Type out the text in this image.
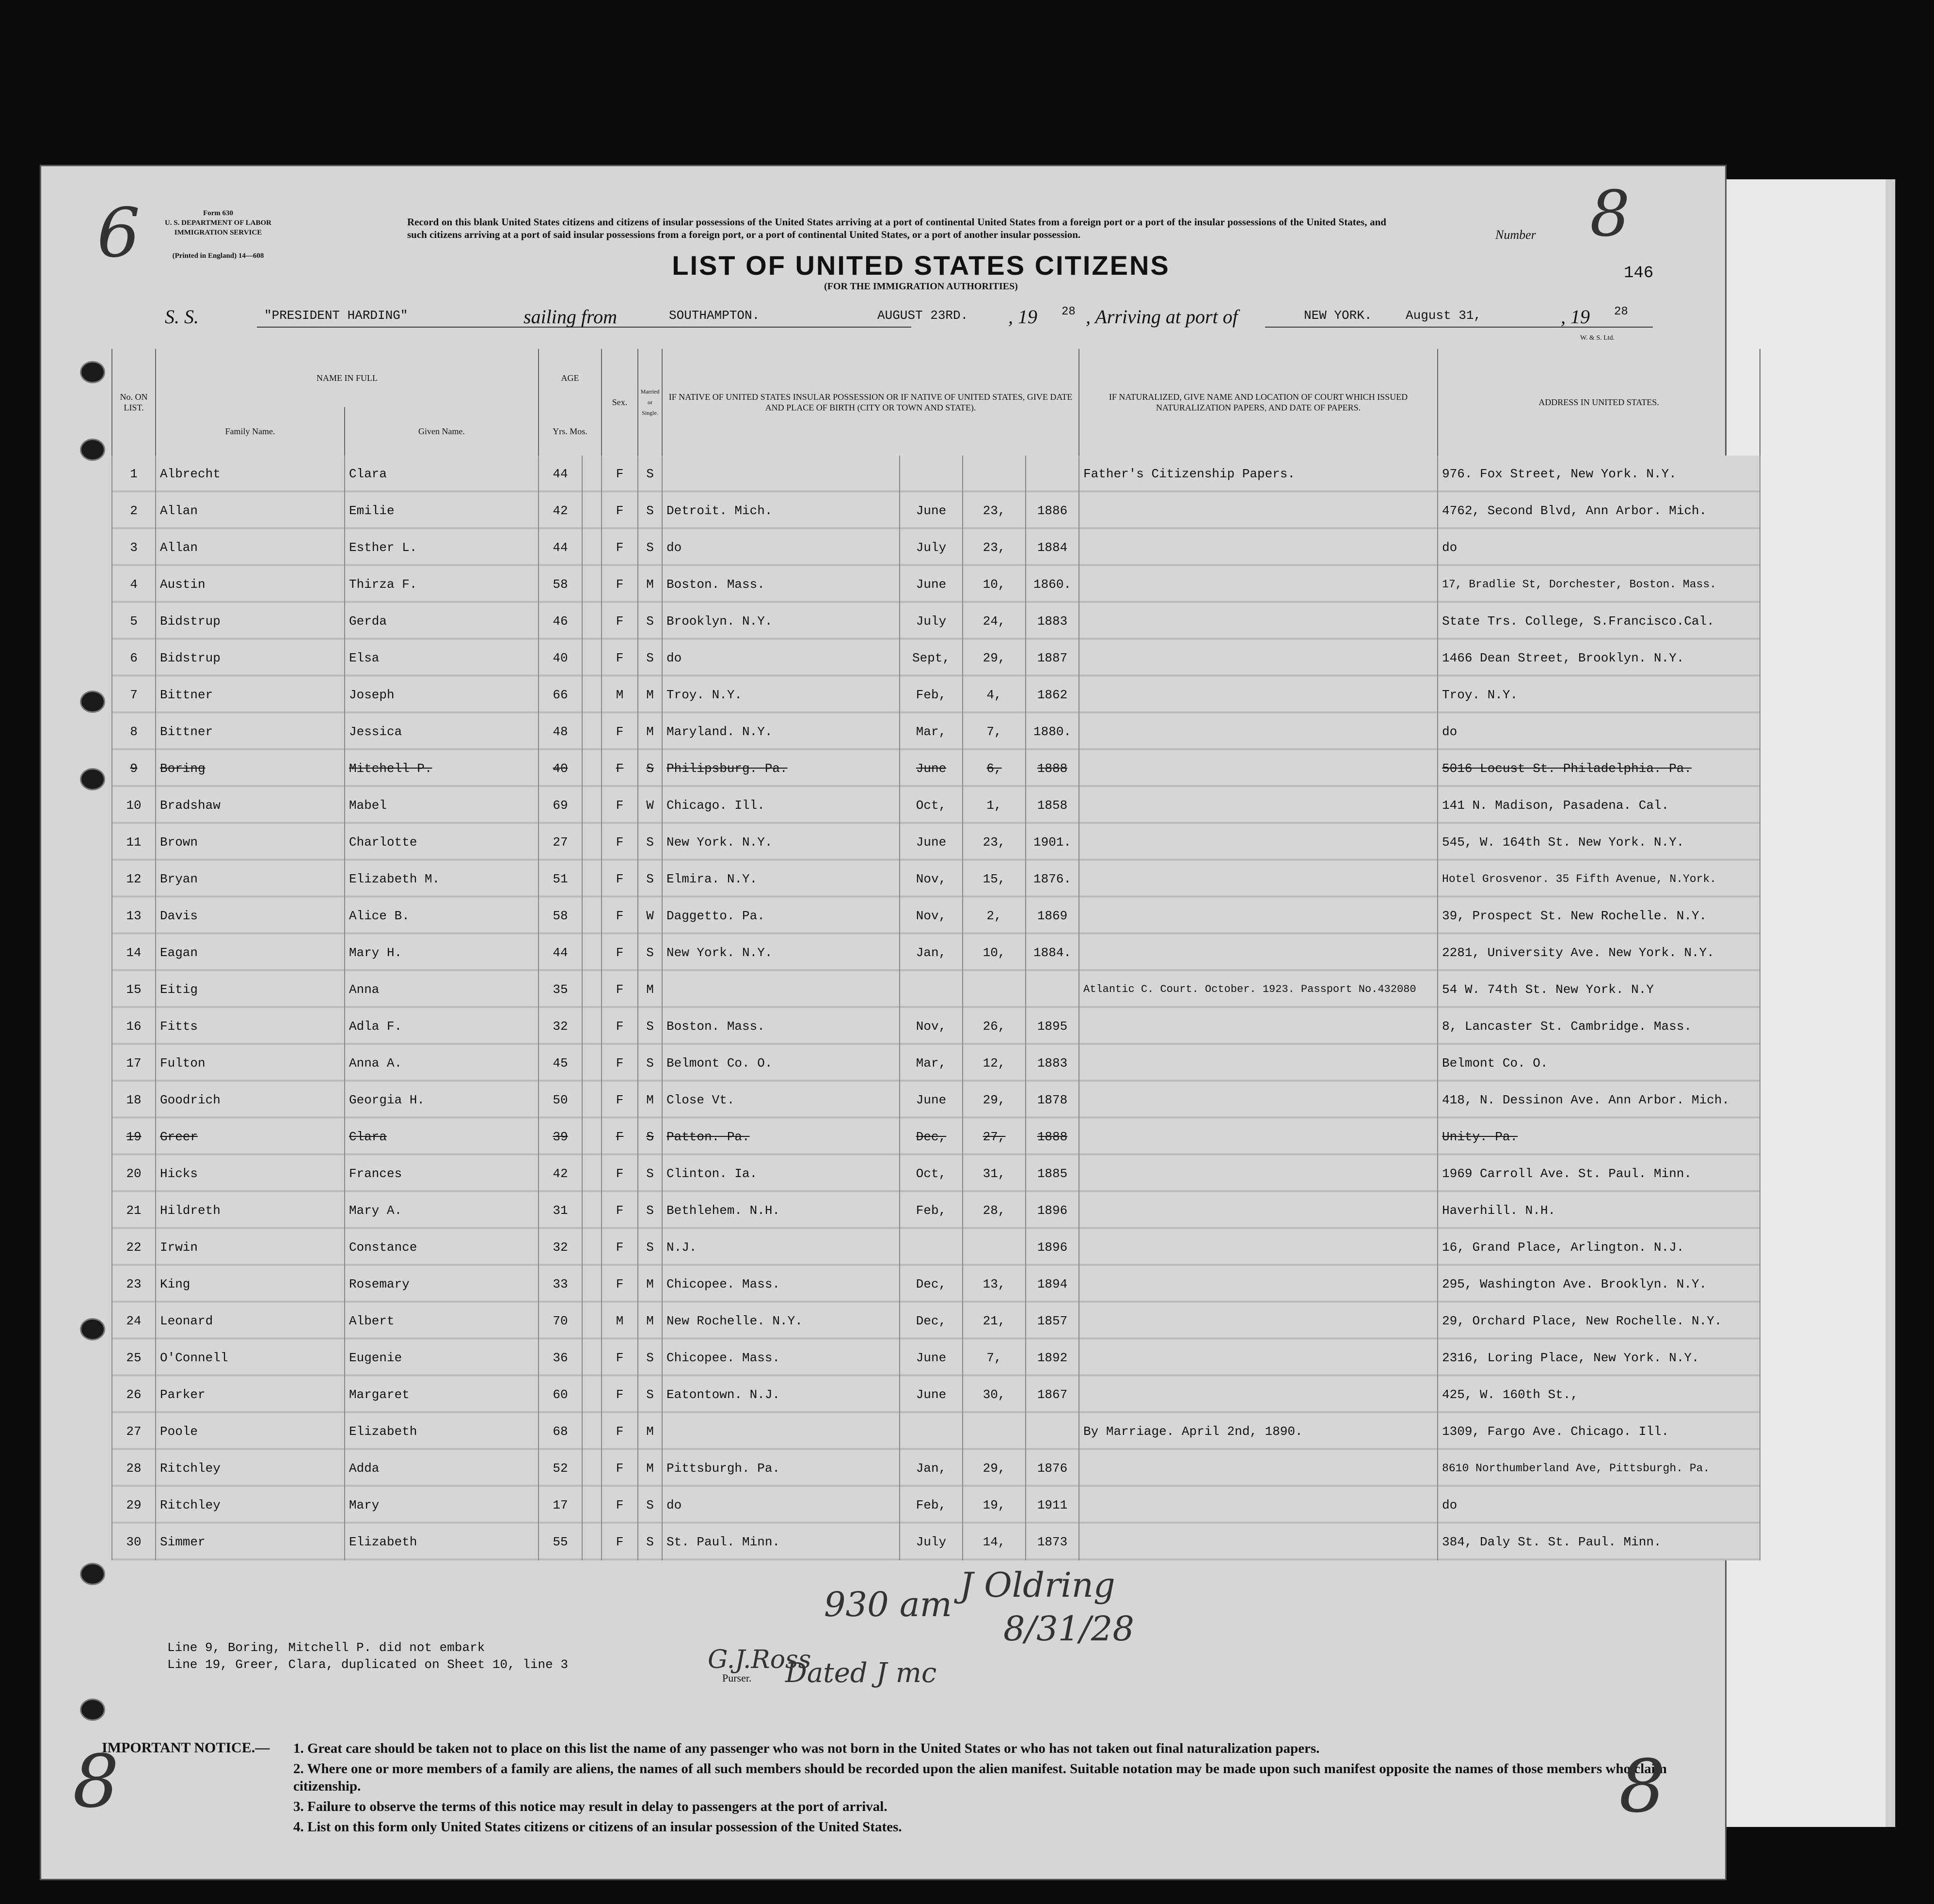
6	Form 630
U. S. DEPARTMENT OF LABOR
IMMIGRATION SERVICE
(Printed in England) 14—608
Record on this blank United States citizens and citizens of insular possessions of the United States arriving at a port of continental United States from a foreign port or a port of the insular possessions of the United States, and such citizens arriving at a port of said insular possessions from a foreign port, or a port of continental United States, or a port of another insular possession.
LIST OF UNITED STATES CITIZENS
(FOR THE IMMIGRATION AUTHORITIES)
Number 8
146
S. S.	"PRESIDENT HARDING"	sailing from	SOUTHAMPTON.	AUGUST 23RD. , 19 28 , Arriving at port of	NEW YORK.	August 31,	, 19 28
W. & S. Ltd.
No. ON LIST.	NAME IN FULL		AGE		Sex.	Married or Single.	IF NATIVE OF UNITED STATES INSULAR POSSESSION OR IF NATIVE OF UNITED STATES, GIVE DATE AND PLACE OF BIRTH (CITY OR TOWN AND STATE).				IF NATURALIZED, GIVE NAME AND LOCATION OF COURT WHICH ISSUED NATURALIZATION PAPERS, AND DATE OF PAPERS.	ADDRESS IN UNITED STATES.
	Family Name.	Given Name.	Yrs. Mos.									
1	Albrecht	Clara	44		F	S					Father's Citizenship Papers.	976. Fox Street, New York. N.Y.
2	Allan	Emilie	42		F	S	Detroit. Mich.	June	23,	1886		4762, Second Blvd, Ann Arbor. Mich.
3	Allan	Esther L.	44		F	S	do	July	23,	1884		do
4	Austin	Thirza F.	58		F	M	Boston. Mass.	June	10,	1860.		17, Bradlie St, Dorchester, Boston. Mass.
5	Bidstrup	Gerda	46		F	S	Brooklyn. N.Y.	July	24,	1883		State Trs. College, S.Francisco.Cal.
6	Bidstrup	Elsa	40		F	S	do	Sept,	29,	1887		1466 Dean Street, Brooklyn. N.Y.
7	Bittner	Joseph	66		M	M	Troy. N.Y.	Feb,	4,	1862		Troy. N.Y.
8	Bittner	Jessica	48		F	M	Maryland. N.Y.	Mar,	7,	1880.		do
9	Boring	Mitchell P.	40		F	S	Philipsburg. Pa.	June	6,	1888		5016 Locust St. Philadelphia. Pa.
10	Bradshaw	Mabel	69		F	W	Chicago. Ill.	Oct,	1,	1858		141 N. Madison, Pasadena. Cal.
11	Brown	Charlotte	27		F	S	New York. N.Y.	June	23,	1901.		545, W. 164th St. New York. N.Y.
12	Bryan	Elizabeth M.	51		F	S	Elmira. N.Y.	Nov,	15,	1876.		Hotel Grosvenor. 35 Fifth Avenue, N.York.
13	Davis	Alice B.	58		F	W	Daggetto. Pa.	Nov,	2,	1869		39, Prospect St. New Rochelle. N.Y.
14	Eagan	Mary H.	44		F	S	New York. N.Y.	Jan,	10,	1884.		2281, University Ave. New York. N.Y.
15	Eitig	Anna	35		F	M					Atlantic C. Court. October. 1923. Passport No.432080	54 W. 74th St. New York. N.Y
16	Fitts	Adla F.	32		F	S	Boston. Mass.	Nov,	26,	1895		8, Lancaster St. Cambridge. Mass.
17	Fulton	Anna A.	45		F	S	Belmont Co. O.	Mar,	12,	1883		Belmont Co. O.
18	Goodrich	Georgia H.	50		F	M	Close Vt.	June	29,	1878		418, N. Dessinon Ave. Ann Arbor. Mich.
19	Greer	Clara	39		F	S	Patton. Pa.	Dec,	27,	1888		Unity. Pa.
20	Hicks	Frances	42		F	S	Clinton. Ia.	Oct,	31,	1885		1969 Carroll Ave. St. Paul. Minn.
21	Hildreth	Mary A.	31		F	S	Bethlehem. N.H.	Feb,	28,	1896		Haverhill. N.H.
22	Irwin	Constance	32		F	S	N.J.			1896		16, Grand Place, Arlington. N.J.
23	King	Rosemary	33		F	M	Chicopee. Mass.	Dec,	13,	1894		295, Washington Ave. Brooklyn. N.Y.
24	Leonard	Albert	70		M	M	New Rochelle. N.Y.	Dec,	21,	1857		29, Orchard Place, New Rochelle. N.Y.
25	O'Connell	Eugenie	36		F	S	Chicopee. Mass.	June	7,	1892		2316, Loring Place, New York. N.Y.
26	Parker	Margaret	60		F	S	Eatontown. N.J.	June	30,	1867		425, W. 160th St.,
27	Poole	Elizabeth	68		F	M					By Marriage. April 2nd, 1890.	1309, Fargo Ave. Chicago. Ill.
28	Ritchley	Adda	52		F	M	Pittsburgh. Pa.	Jan,	29,	1876		8610 Northumberland Ave, Pittsburgh. Pa.
29	Ritchley	Mary	17		F	S	do	Feb,	19,	1911		do
30	Simmer	Elizabeth	55		F	S	St. Paul. Minn.	July	14,	1873		384, Daly St. St. Paul. Minn.
Line 9, Boring, Mitchell P. did not embark
Line 19, Greer, Clara, duplicated on Sheet 10, line 3	G.J.Ross
Purser.
930 am J Oldring
8/31/28
Dated J mc
IMPORTANT NOTICE.— 1. Great care should be taken not to place on this list the name of any passenger who was not born in the United States or who has not taken out final naturalization papers.
2. Where one or more members of a family are aliens, the names of all such members should be recorded upon the alien manifest. Suitable notation may be made upon such manifest opposite the names of those members who claim citizenship.
3. Failure to observe the terms of this notice may result in delay to passengers at the port of arrival.
4. List on this form only United States citizens or citizens of an insular possession of the United States.
8	8
